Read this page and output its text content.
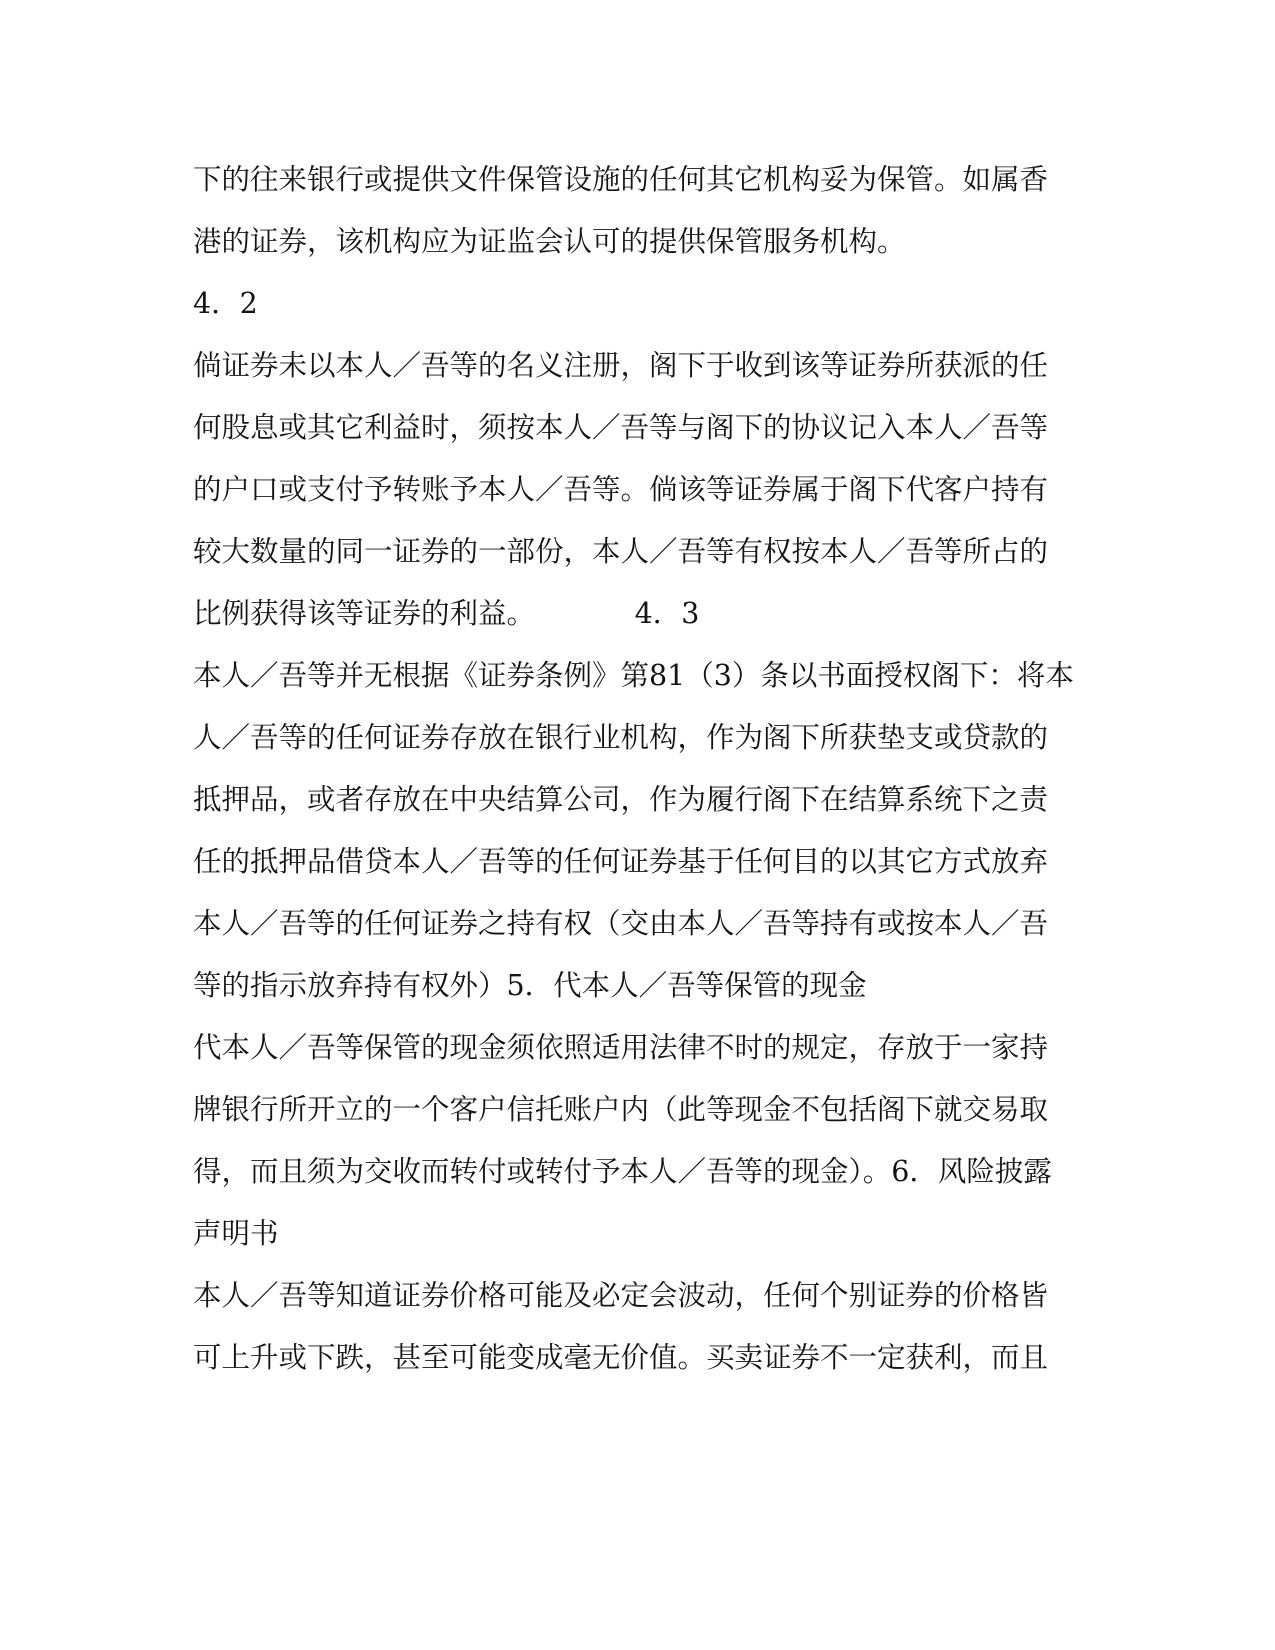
下的往来银行或提供文件保管设施的任何其它机构妥为保管。如属香
港的证券，该机构应为证监会认可的提供保管服务机构。
4．2
倘证券未以本人／吾等的名义注册，阁下于收到该等证券所获派的任
何股息或其它利益时，须按本人／吾等与阁下的协议记入本人／吾等
的户口或支付予转账予本人／吾等。倘该等证券属于阁下代客户持有
较大数量的同一证券的一部份，本人／吾等有权按本人／吾等所占的
比例获得该等证券的利益。           4．3
本人／吾等并无根据《证券条例》第81（3）条以书面授权阁下：将本
人／吾等的任何证券存放在银行业机构，作为阁下所获垫支或贷款的
抵押品，或者存放在中央结算公司，作为履行阁下在结算系统下之责
任的抵押品借贷本人／吾等的任何证券基于任何目的以其它方式放弃
本人／吾等的任何证券之持有权（交由本人／吾等持有或按本人／吾
等的指示放弃持有权外）5．代本人／吾等保管的现金
代本人／吾等保管的现金须依照适用法律不时的规定，存放于一家持
牌银行所开立的一个客户信托账户内（此等现金不包括阁下就交易取
得，而且须为交收而转付或转付予本人／吾等的现金）。6．风险披露
声明书
本人／吾等知道证券价格可能及必定会波动，任何个别证券的价格皆
可上升或下跌，甚至可能变成毫无价值。买卖证券不一定获利，而且
